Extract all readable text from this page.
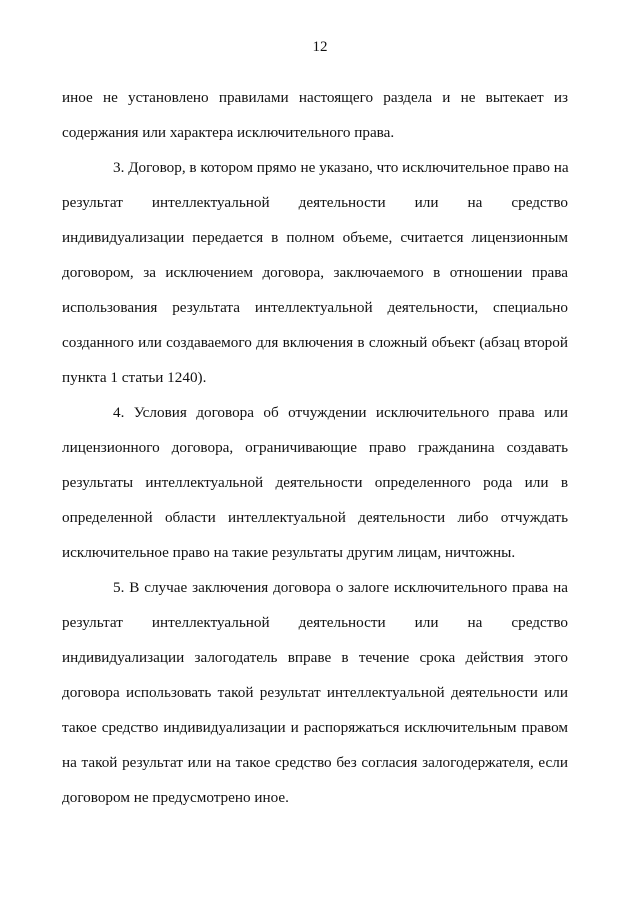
12
иное не установлено правилами настоящего раздела и не вытекает из
содержания или характера исключительного права.
3. Договор, в котором прямо не указано, что исключительное право на
результат интеллектуальной деятельности или на средство
индивидуализации передается в полном объеме, считается лицензионным
договором, за исключением договора, заключаемого в отношении права
использования результата интеллектуальной деятельности, специально
созданного или создаваемого для включения в сложный объект (абзац второй
пункта 1 статьи 1240).
4. Условия договора об отчуждении исключительного права или
лицензионного договора, ограничивающие право гражданина создавать
результаты интеллектуальной деятельности определенного рода или в
определенной области интеллектуальной деятельности либо отчуждать
исключительное право на такие результаты другим лицам, ничтожны.
5. В случае заключения договора о залоге исключительного права на
результат интеллектуальной деятельности или на средство
индивидуализации залогодатель вправе в течение срока действия этого
договора использовать такой результат интеллектуальной деятельности или
такое средство индивидуализации и распоряжаться исключительным правом
на такой результат или на такое средство без согласия залогодержателя, если
договором не предусмотрено иное.
